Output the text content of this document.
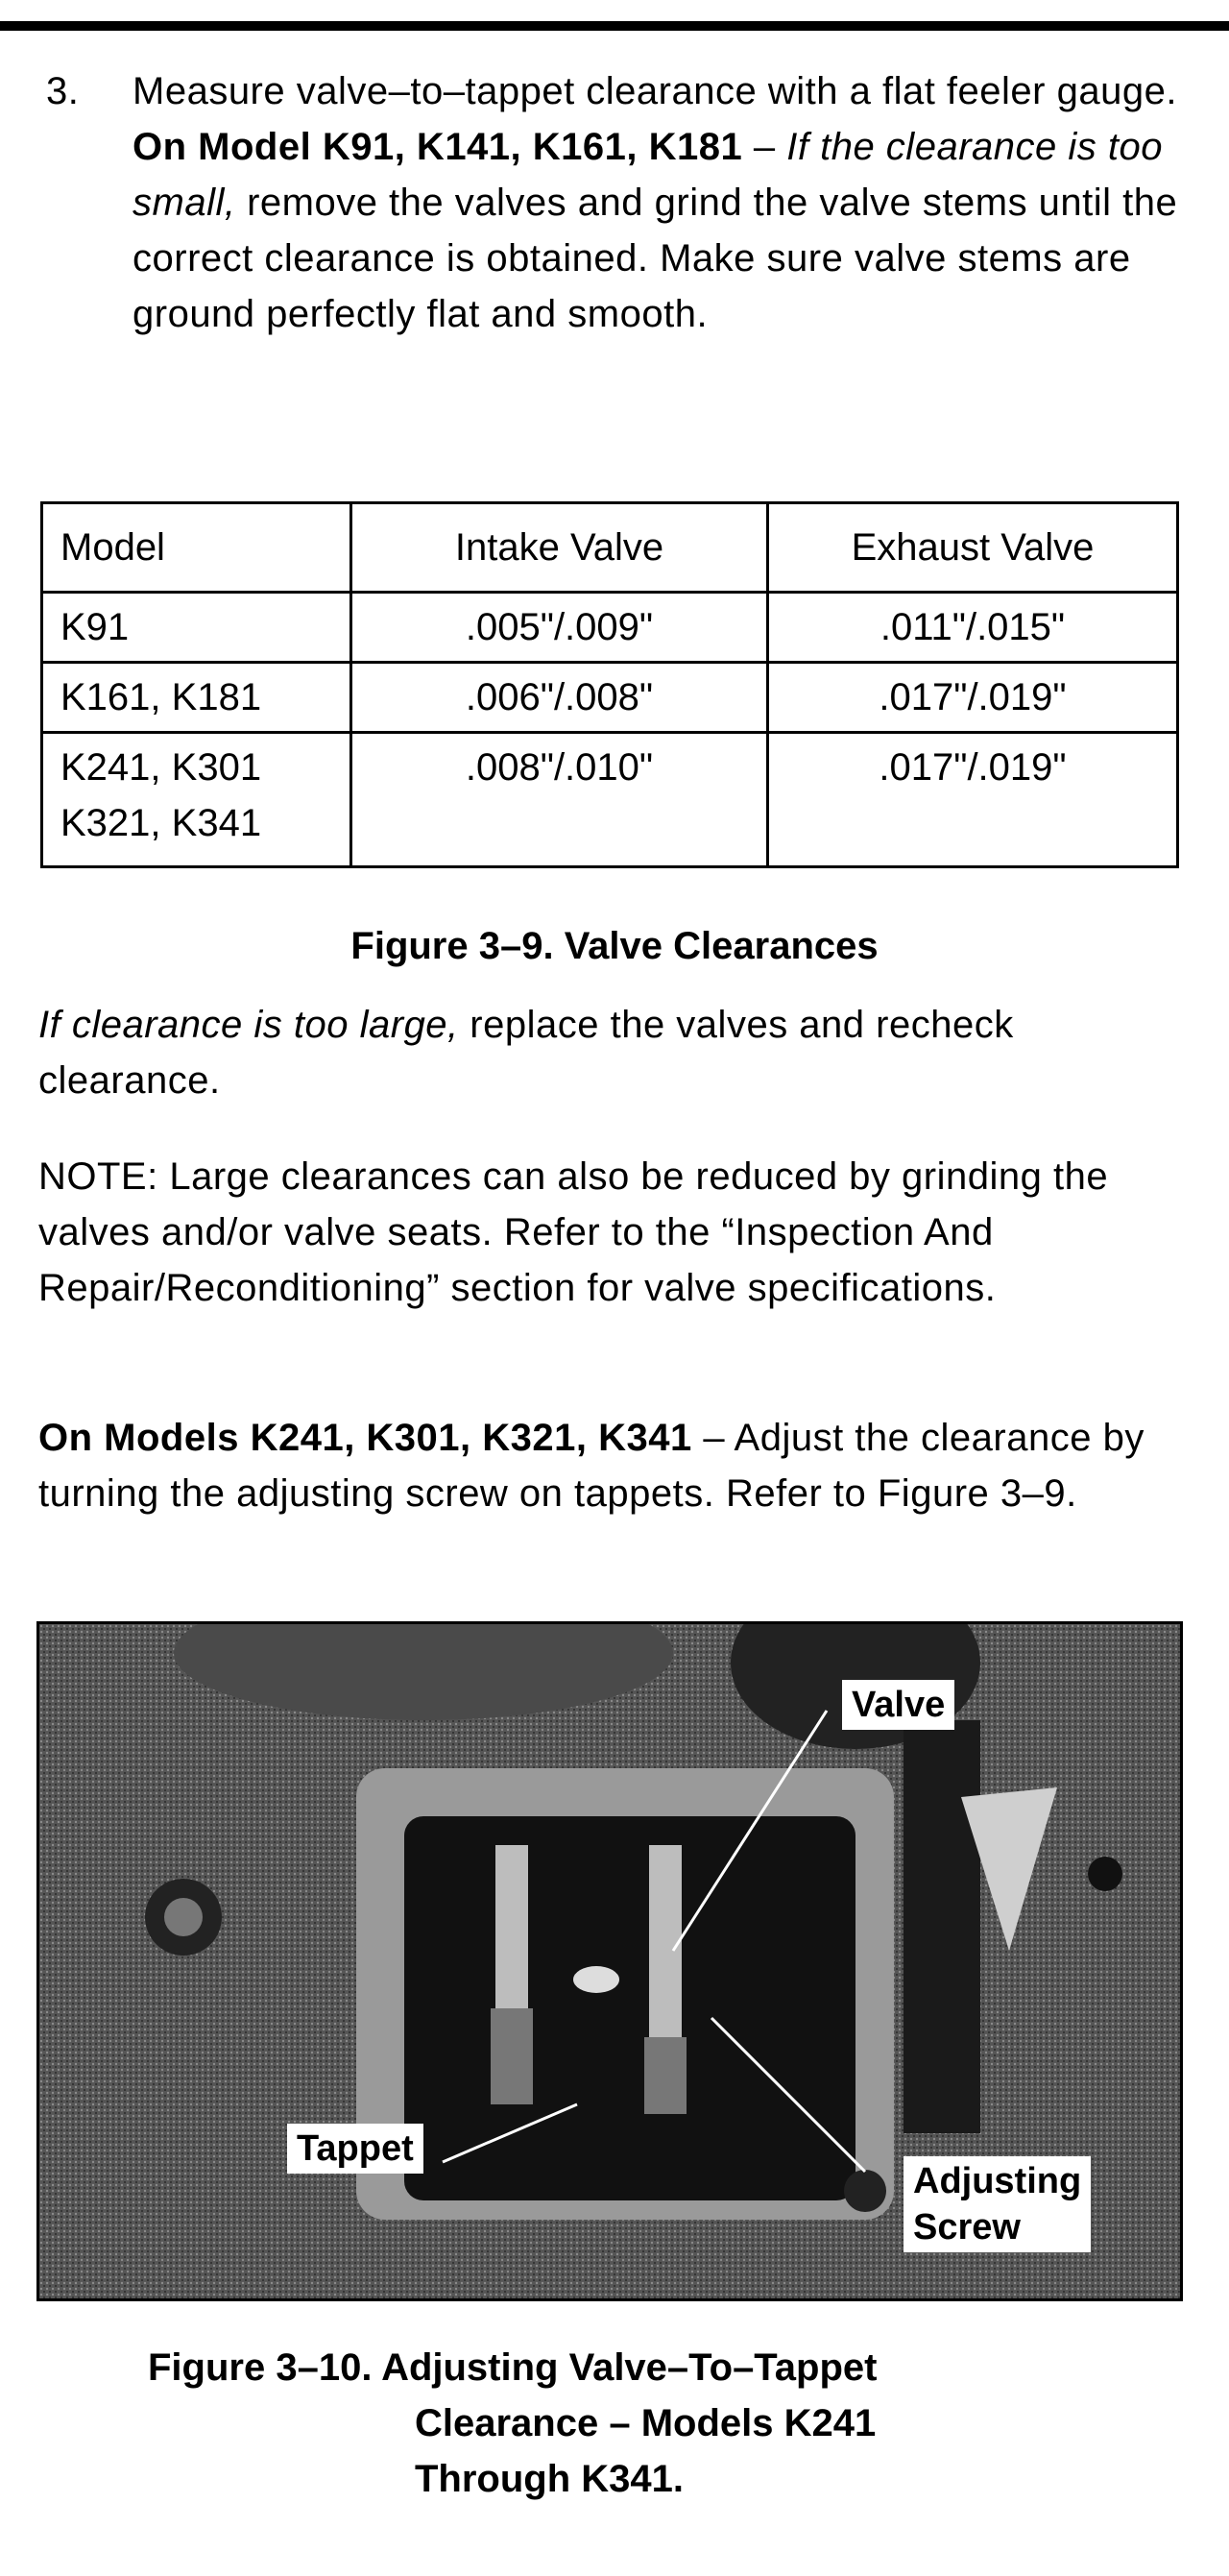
3. Measure valve–to–tappet clearance with a flat feeler gauge.
On Model K91, K141, K161, K181 – If the clearance is too small, remove the valves and grind the valve stems until the correct clearance is obtained. Make sure valve stems are ground perfectly flat and smooth.
Model	Intake Valve	Exhaust Valve
K91	.005"/.009"	.011"/.015"
K161, K181	.006"/.008"	.017"/.019"
K241, K301
K321, K341	.008"/.010"	.017"/.019"
Figure 3–9. Valve Clearances
If clearance is too large, replace the valves and recheck clearance.
NOTE: Large clearances can also be reduced by grinding the valves and/or valve seats. Refer to the “Inspection And Repair/Reconditioning” section for valve specifications.
On Models K241, K301, K321, K341 – Adjust the clearance by turning the adjusting screw on tappets. Refer to Figure 3–9.
Valve
Tappet
Adjusting
Screw
Figure 3–10. Adjusting Valve–To–Tappet
Clearance – Models K241
Through K341.
